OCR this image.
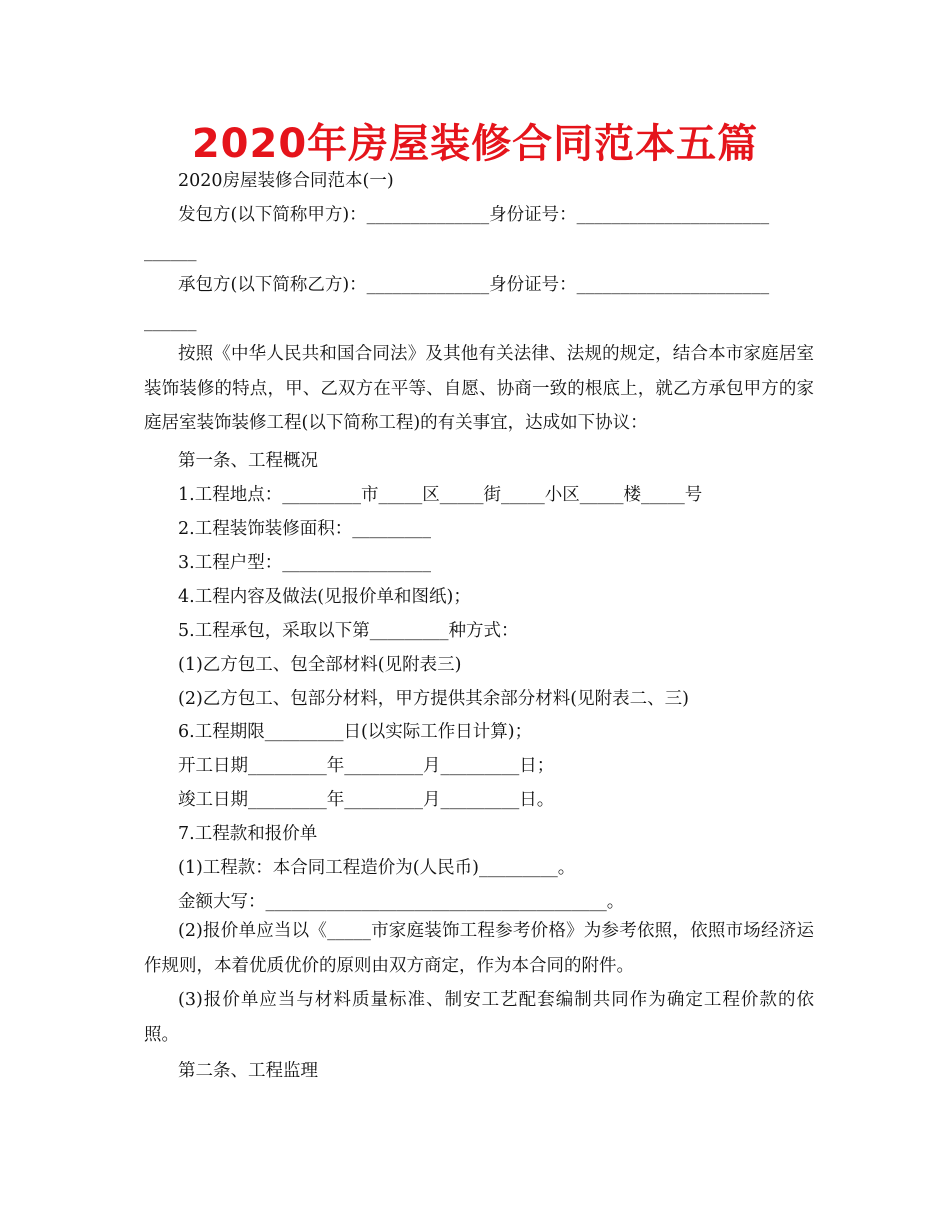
2020年房屋装修合同范本五篇
2020房屋装修合同范本(一)
发包方(以下简称甲方)：______________身份证号：______________________
______
承包方(以下简称乙方)：______________身份证号：______________________
______
按照《中华人民共和国合同法》及其他有关法律、法规的规定，结合本市家庭居室装饰装修的特点，甲、乙双方在平等、自愿、协商一致的根底上，就乙方承包甲方的家庭居室装饰装修工程(以下简称工程)的有关事宜，达成如下协议：
第一条、工程概况
1.工程地点：_________市_____区_____街_____小区_____楼_____号
2.工程装饰装修面积：_________
3.工程户型：_________________
4.工程内容及做法(见报价单和图纸)；
5.工程承包，采取以下第_________种方式：
(1)乙方包工、包全部材料(见附表三)
(2)乙方包工、包部分材料，甲方提供其余部分材料(见附表二、三)
6.工程期限_________日(以实际工作日计算)；
开工日期_________年_________月_________日；
竣工日期_________年_________月_________日。
7.工程款和报价单
(1)工程款：本合同工程造价为(人民币)_________。
金额大写：_______________________________________。
(2)报价单应当以《_____市家庭装饰工程参考价格》为参考依照，依照市场经济运作规则，本着优质优价的原则由双方商定，作为本合同的附件。
(3)报价单应当与材料质量标准、制安工艺配套编制共同作为确定工程价款的依照。
第二条、工程监理
